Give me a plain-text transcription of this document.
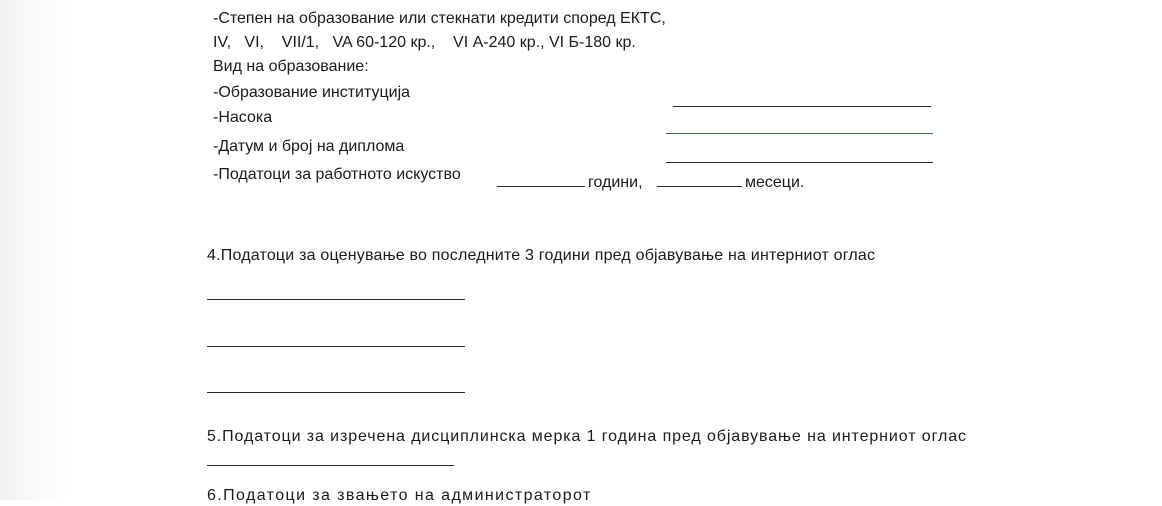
-Степен на образование или стекнати кредити според ЕКТС,
IV,   VI,    VII/1,   VA 60-120 кр.,    VI А-240 кр., VI Б-180 кр.
Вид на образование:
-Образование институција
-Насока
-Датум и број на диплома
-Податоци за работното искуство	години,	месеци.
4.Податоци за оценување во последните 3 години пред објавување на интерниот оглас
5.Податоци за изречена дисциплинска мерка 1 година пред објавување на интерниот оглас
6.Податоци за звањето на администраторот
